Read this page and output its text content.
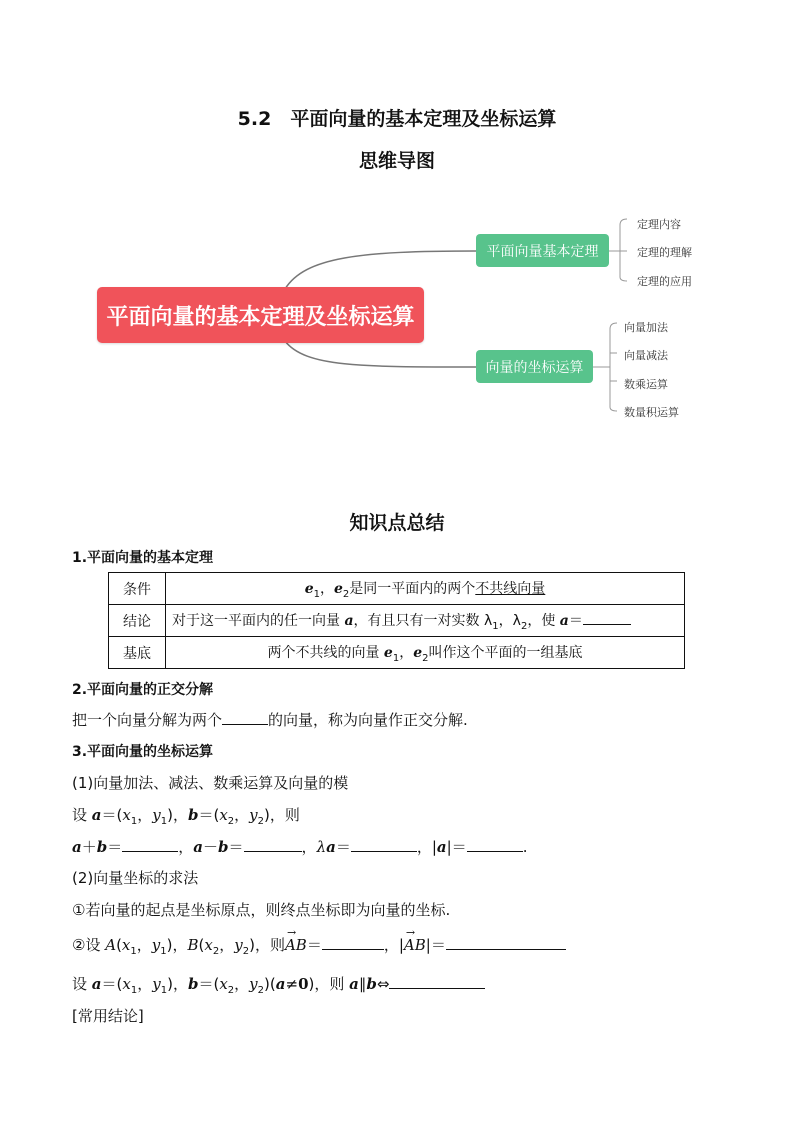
5.2　平面向量的基本定理及坐标运算
思维导图
平面向量的基本定理及坐标运算
平面向量基本定理
向量的坐标运算
定理内容
定理的理解
定理的应用
向量加法
向量减法
数乘运算
数量积运算
知识点总结
1.平面向量的基本定理
条件	$e_1$，$e_2$是同一平面内的两个不共线向量
结论	对于这一平面内的任一向量 a，有且只有一对实数 $\lambda_1$，$\lambda_2$，使 a＝
基底	两个不共线的向量 $e_1$，$e_2$叫作这个平面的一组基底
2.平面向量的正交分解
把一个向量分解为两个	的向量，称为向量作正交分解.
3.平面向量的坐标运算
(1)向量加法、减法、数乘运算及向量的模
设 $a=(x_1$，$y_1$)，$b=(x_2$，$y_2$)，则
a＋b＝	，a－b＝	，λa＝	，|a|＝	.
(2)向量坐标的求法
①若向量的起点是坐标原点，则终点坐标即为向量的坐标.
②设 $A(x_1$，$y_1$)，$B(x_2$，$y_2$)，则AB
→
＝	，|AB
→
|＝
设 $a=(x_1$，$y_1$)，$b=(x_2$，$y_2)(a\ne 0)$，则 a∥b⇔
[常用结论]
